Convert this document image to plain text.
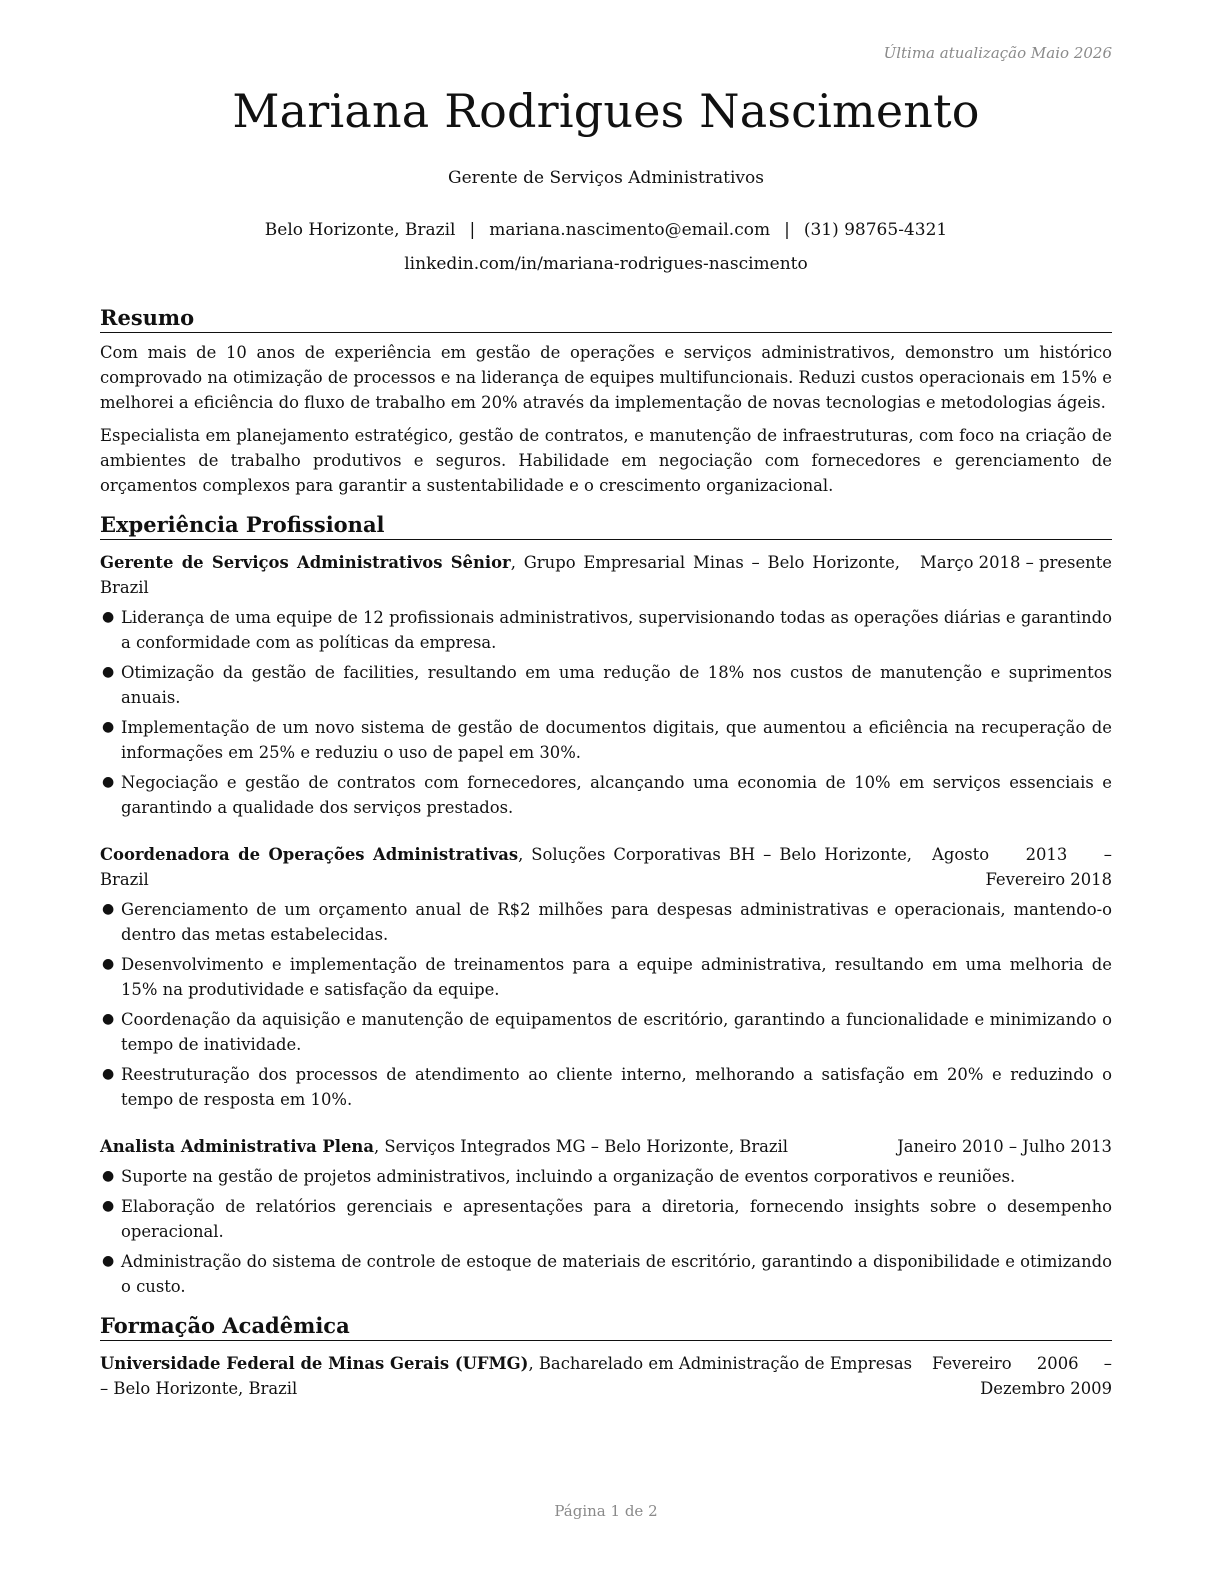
Última atualização Maio 2026
Mariana Rodrigues Nascimento
Gerente de Serviços Administrativos
Belo Horizonte, Brazil | mariana.nascimento@email.com | (31) 98765-4321
linkedin.com/in/mariana-rodrigues-nascimento
Resumo

Com mais de 10 anos de experiência em gestão de operações e serviços administrativos, demonstro um histórico comprovado na otimização de processos e na liderança de equipes multifuncionais. Reduzi custos operacionais em 15% e melhorei a eficiência do fluxo de trabalho em 20% através da implementação de novas tecnologias e metodologias ágeis.

Especialista em planejamento estratégico, gestão de contratos, e manutenção de infraestruturas, com foco na criação de ambientes de trabalho produtivos e seguros. Habilidade em negociação com fornecedores e gerenciamento de orçamentos complexos para garantir a sustentabilidade e o crescimento organizacional.

Experiência Profissional
Gerente de Serviços Administrativos Sênior, Grupo Empresarial Minas – Belo Horizonte, Brazil
Março 2018 – presente
● Liderança de uma equipe de 12 profissionais administrativos, supervisionando todas as operações diárias e garantindo a conformidade com as políticas da empresa.
● Otimização da gestão de facilities, resultando em uma redução de 18% nos custos de manutenção e suprimentos anuais.
● Implementação de um novo sistema de gestão de documentos digitais, que aumentou a eficiência na recuperação de informações em 25% e reduziu o uso de papel em 30%.
● Negociação e gestão de contratos com fornecedores, alcançando uma economia de 10% em serviços essenciais e garantindo a qualidade dos serviços prestados.
Coordenadora de Operações Administrativas, Soluções Corporativas BH – Belo Horizonte, Brazil
Agosto 2013 – Fevereiro 2018
● Gerenciamento de um orçamento anual de R$2 milhões para despesas administrativas e operacionais, mantendo-o dentro das metas estabelecidas.
● Desenvolvimento e implementação de treinamentos para a equipe administrativa, resultando em uma melhoria de 15% na produtividade e satisfação da equipe.
● Coordenação da aquisição e manutenção de equipamentos de escritório, garantindo a funcionalidade e minimizando o tempo de inatividade.
● Reestruturação dos processos de atendimento ao cliente interno, melhorando a satisfação em 20% e reduzindo o tempo de resposta em 10%.
Analista Administrativa Plena, Serviços Integrados MG – Belo Horizonte, Brazil	Janeiro 2010 – Julho 2013
● Suporte na gestão de projetos administrativos, incluindo a organização de eventos corporativos e reuniões.
● Elaboração de relatórios gerenciais e apresentações para a diretoria, fornecendo insights sobre o desempenho operacional.
● Administração do sistema de controle de estoque de materiais de escritório, garantindo a disponibilidade e otimizando o custo.
Formação Acadêmica
Universidade Federal de Minas Gerais (UFMG), Bacharelado em Administração de Empresas – Belo Horizonte, Brazil
Fevereiro 2006 – Dezembro 2009
Página 1 de 2
